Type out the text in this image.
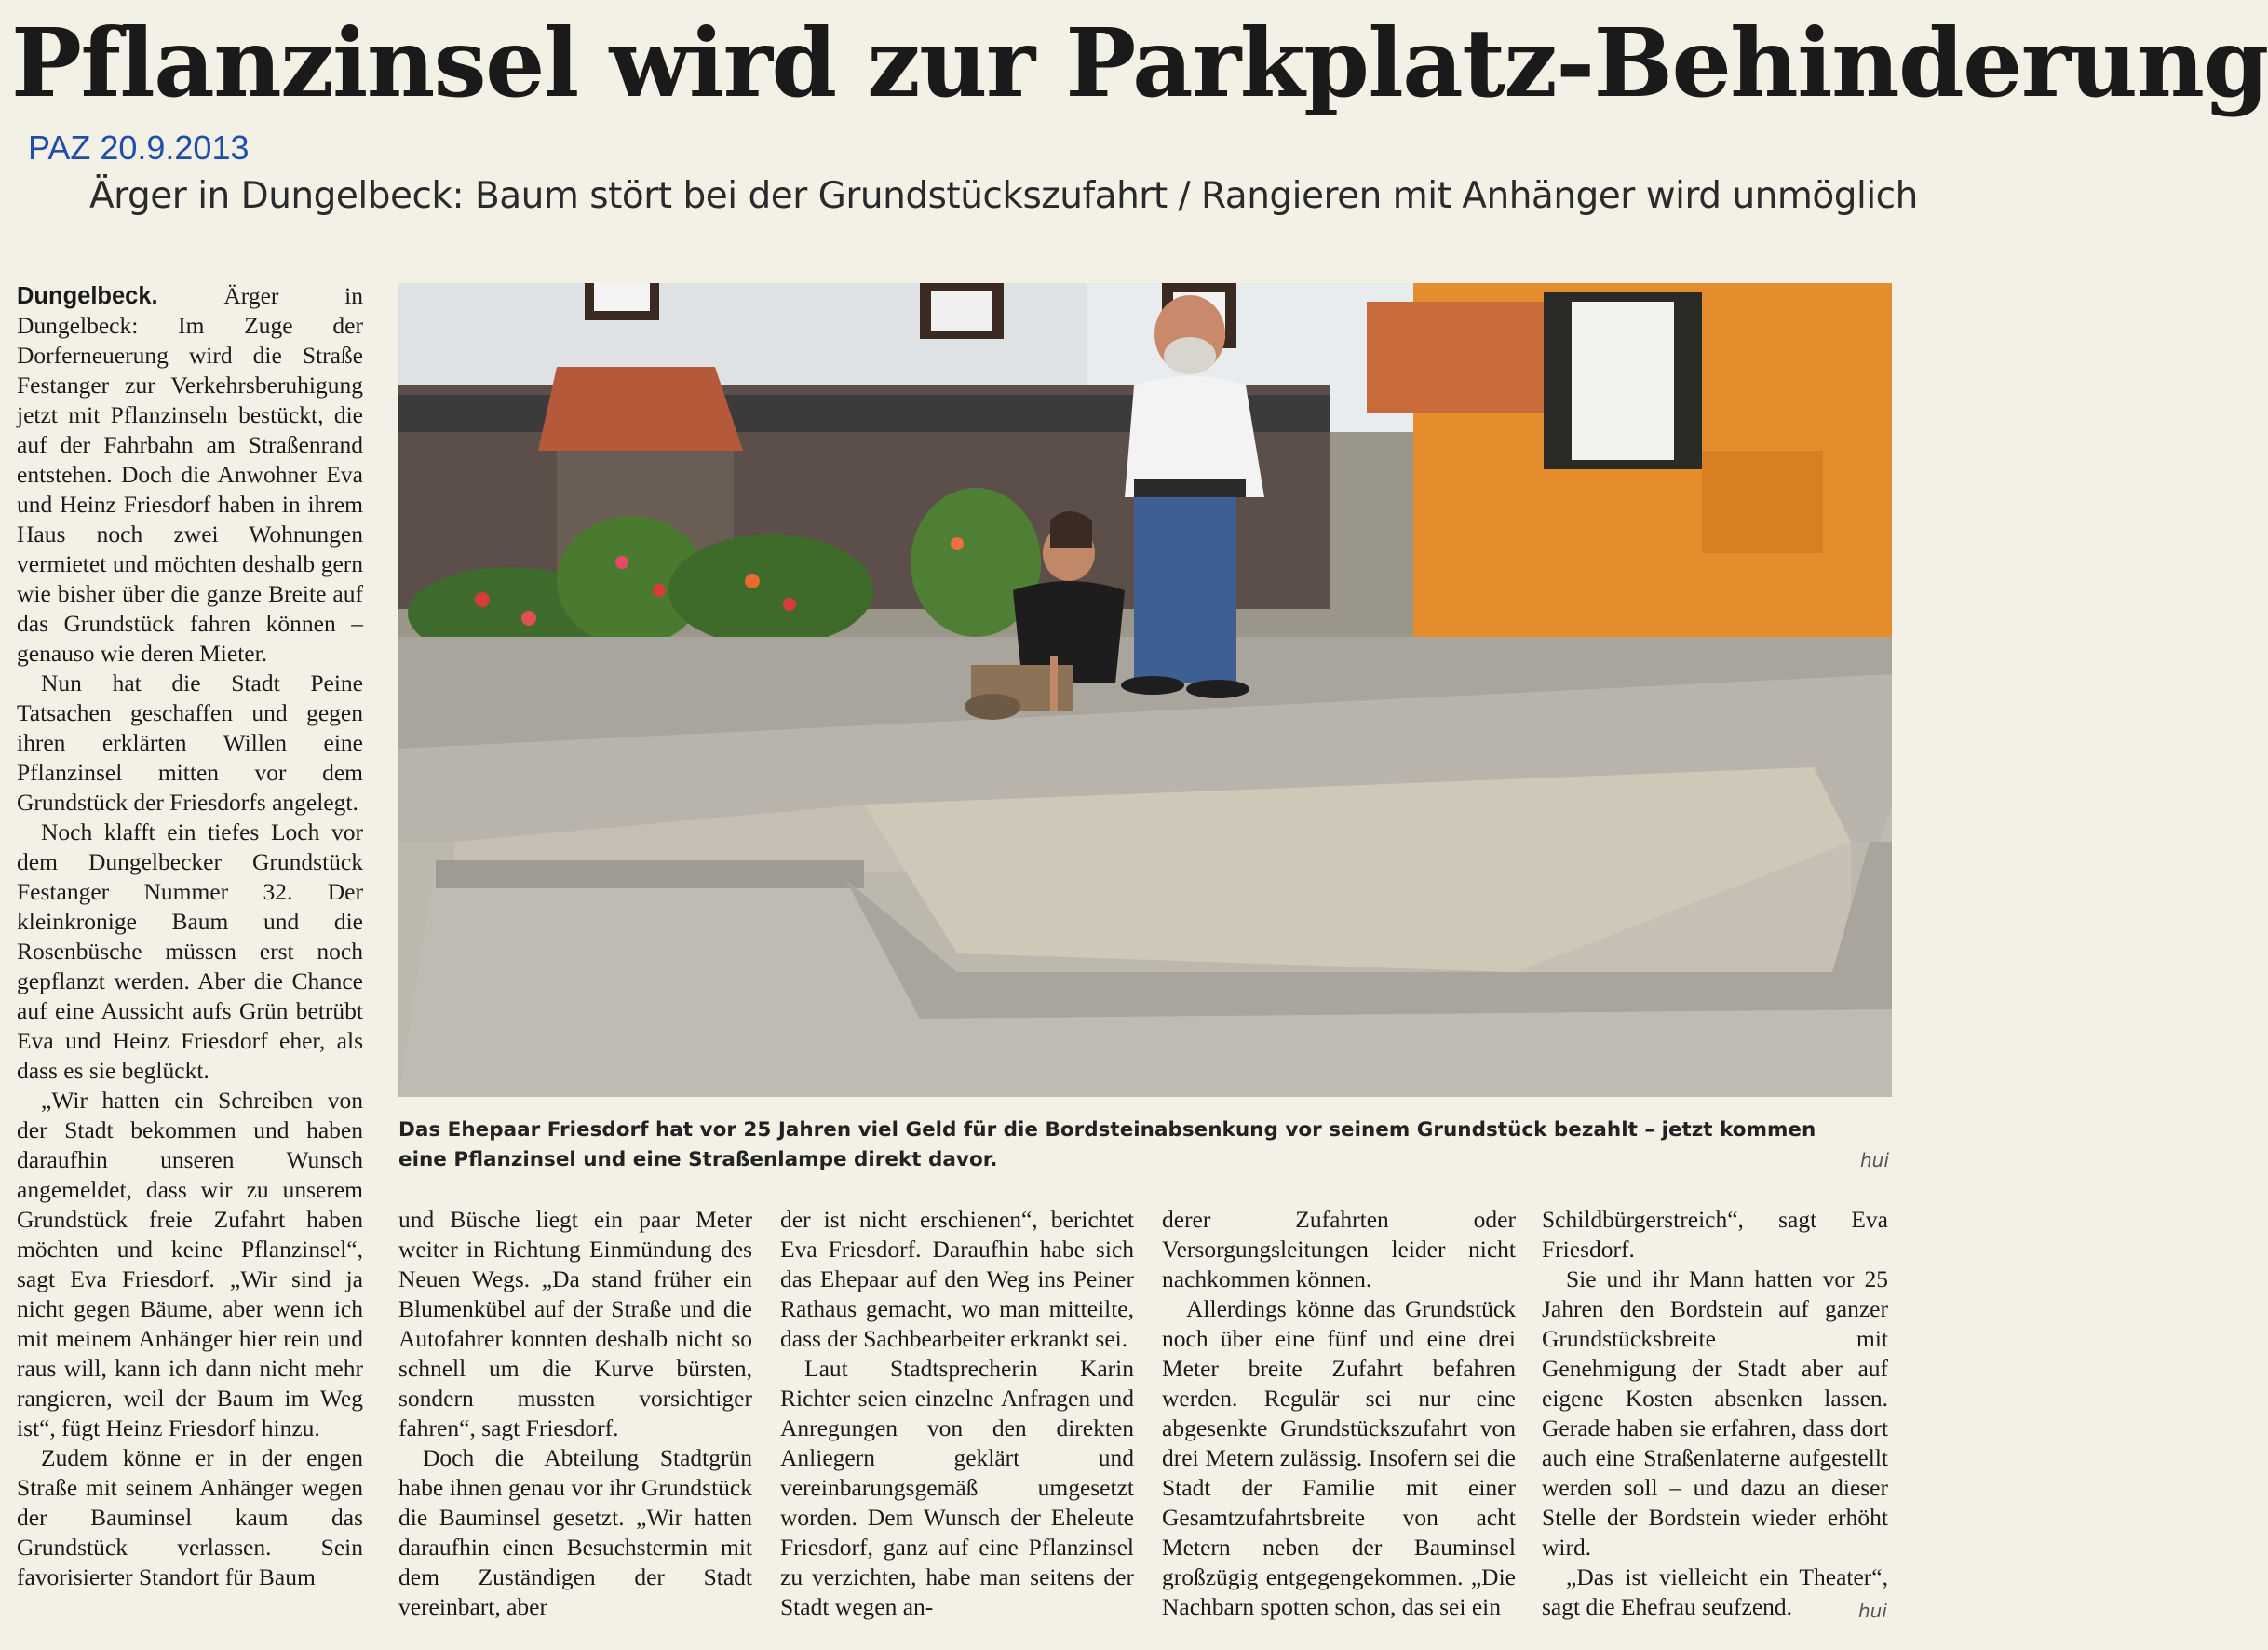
Pflanzinsel wird zur Parkplatz-Behinderung
PAZ 20.9.2013
Ärger in Dungelbeck: Baum stört bei der Grundstückszufahrt / Rangieren mit Anhänger wird unmöglich

Dungelbeck.	Ärger in Dungelbeck: Im Zuge der Dorferneuerung wird die Straße Festanger zur Verkehrsberuhigung jetzt mit Pflanzinseln bestückt, die auf der Fahrbahn am Straßenrand entstehen. Doch die Anwohner Eva und Heinz Friesdorf haben in ihrem Haus noch zwei Wohnungen vermietet und möchten deshalb gern wie bisher über die ganze Breite auf das Grundstück fahren können – genauso wie deren Mieter.

Nun hat die Stadt Peine Tatsachen geschaffen und gegen ihren erklärten Willen eine Pflanzinsel mitten vor dem Grundstück der Friesdorfs angelegt.

Noch klafft ein tiefes Loch vor dem Dungelbecker Grundstück Festanger Nummer 32. Der kleinkronige Baum und die Rosenbüsche müssen erst noch gepflanzt werden. Aber die Chance auf eine Aussicht aufs Grün betrübt Eva und Heinz Friesdorf eher, als dass es sie beglückt.

„Wir hatten ein Schreiben von der Stadt bekommen und haben daraufhin unseren Wunsch angemeldet, dass wir zu unserem Grundstück freie Zufahrt haben möchten und keine Pflanzinsel“, sagt Eva Friesdorf. „Wir sind ja nicht gegen Bäume, aber wenn ich mit meinem Anhänger hier rein und raus will, kann ich dann nicht mehr rangieren, weil der Baum im Weg ist“, fügt Heinz Friesdorf hinzu.

Zudem könne er in der engen Straße mit seinem Anhänger wegen der Bauminsel kaum das Grundstück verlassen. Sein favorisierter Standort für Baum

Das Ehepaar Friesdorf hat vor 25 Jahren viel Geld für die Bordsteinabsenkung vor seinem Grundstück bezahlt – jetzt kommen eine Pflanzinsel und eine Straßenlampe direkt davor.	hui

und Büsche liegt ein paar Meter weiter in Richtung Einmündung des Neuen Wegs. „Da stand früher ein Blumenkübel auf der Straße und die Autofahrer konnten deshalb nicht so schnell um die Kurve bürsten, sondern mussten vorsichtiger fahren“, sagt Friesdorf.

Doch die Abteilung Stadtgrün habe ihnen genau vor ihr Grundstück die Bauminsel gesetzt. „Wir hatten daraufhin einen Besuchstermin mit dem Zuständigen der Stadt vereinbart, aber

der ist nicht erschienen“, berichtet Eva Friesdorf. Daraufhin habe sich das Ehepaar auf den Weg ins Peiner Rathaus gemacht, wo man mitteilte, dass der Sachbearbeiter erkrankt sei.

Laut Stadtsprecherin Karin Richter seien einzelne Anfragen und Anregungen von den direkten Anliegern geklärt und vereinbarungsgemäß umgesetzt worden. Dem Wunsch der Eheleute Friesdorf, ganz auf eine Pflanzinsel zu verzichten, habe man seitens der Stadt wegen an-

derer Zufahrten oder Versorgungsleitungen leider nicht nachkommen können.

Allerdings könne das Grundstück noch über eine fünf und eine drei Meter breite Zufahrt befahren werden. Regulär sei nur eine abgesenkte Grundstückszufahrt von drei Metern zulässig. Insofern sei die Stadt der Familie mit einer Gesamtzufahrtsbreite von acht Metern neben der Bauminsel großzügig entgegengekommen. „Die Nachbarn spotten schon, das sei ein

Schildbürgerstreich“, sagt Eva Friesdorf.

Sie und ihr Mann hatten vor 25 Jahren den Bordstein auf ganzer Grundstücksbreite mit Genehmigung der Stadt aber auf eigene Kosten absenken lassen. Gerade haben sie erfahren, dass dort auch eine Straßenlaterne aufgestellt werden soll – und dazu an dieser Stelle der Bordstein wieder erhöht wird.

„Das ist vielleicht ein Theater“, sagt die Ehefrau seufzend.	hui
